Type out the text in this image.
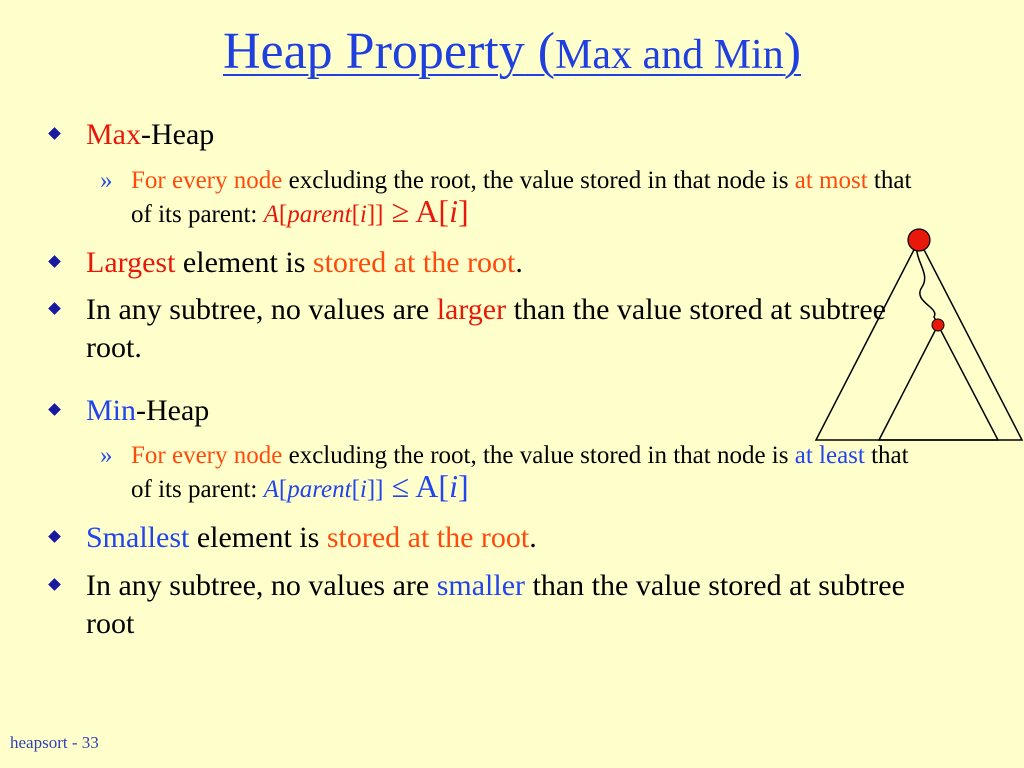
Heap Property (Max and Min)
Max-Heap
» For every node excluding the root, the value stored in that node is at most that of its parent: A[parent[i]] ≥ A[i]
Largest element is stored at the root.
In any subtree, no values are larger than the value stored at subtree root.
Min-Heap
» For every node excluding the root, the value stored in that node is at least that of its parent: A[parent[i]] ≤ A[i]
Smallest element is stored at the root.
In any subtree, no values are smaller than the value stored at subtree root
heapsort - 33
